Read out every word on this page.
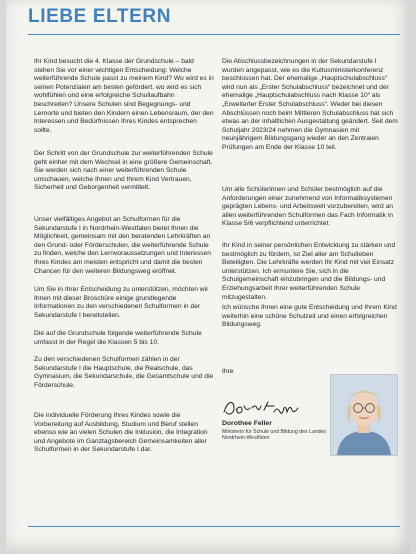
LIEBE ELTERN

Ihr Kind besucht die 4. Klasse der Grundschule – bald stehen Sie vor einer wichtigen Entscheidung: Welche weiterführende Schule passt zu meinem Kind? Wo wird es in seinen Potenzialen am besten gefördert, wo wird es sich wohlfühlen und eine erfolgreiche Schullaufbahn beschreiten? Unsere Schulen sind Begegnungs- und Lernorte und bieten den Kindern einen Lebensraum, der den Interessen und Bedürfnissen Ihres Kindes entsprechen sollte.

Der Schritt von der Grundschule zur weiterführenden Schule geht einher mit dem Wechsel in eine größere Gemeinschaft. Sie werden sich nach einer weiterführenden Schule umschauen, welche Ihnen und Ihrem Kind Vertrauen, Sicherheit und Geborgenheit vermittelt.

Unser vielfältiges Angebot an Schulformen für die Sekundarstufe I in Nordrhein-Westfalen bietet Ihnen die Möglichkeit, gemeinsam mit den beratenden Lehrkräften an den Grund- oder Förderschulen, die weiterführende Schule zu finden, welche den Lernvoraussetzungen und Interessen Ihres Kindes am meisten entspricht und damit die besten Chancen für den weiteren Bildungsweg eröffnet.

Um Sie in Ihrer Entscheidung zu unterstützen, möchten wir Ihnen mit dieser Broschüre einige grundlegende Informationen zu den verschiedenen Schulformen in der Sekundarstufe I bereitstellen.

Die auf die Grundschule folgende weiterführende Schule umfasst in der Regel die Klassen 5 bis 10.

Zu den verschiedenen Schulformen zählen in der Sekundarstufe I die Hauptschule, die Realschule, das Gymnasium, die Sekundarschule, die Gesamtschule und die Förderschule.

Die individuelle Förderung Ihres Kindes sowie die Vorbereitung auf Ausbildung, Studium und Beruf stellen ebenso wie an vielen Schulen die Inklusion, die Integration und Angebote im Ganztagsbereich Gemeinsamkeiten aller Schulformen in der Sekundarstufe I dar.

Die Abschlussbezeichnungen in der Sekundarstufe I wurden angepasst, wie es die Kultusministerkonferenz beschlossen hat. Der ehemalige „Hauptschulabschluss“ wird nun als „Erster Schulabschluss“ bezeichnet und der ehemalige „Hauptschulabschluss nach Klasse 10“ als „Erweiterter Erster Schulabschluss“. Weder bei diesen Abschlüssen noch beim Mittleren Schulabschluss hat sich etwas an der inhaltlichen Ausgestaltung geändert. Seit dem Schuljahr 2023/24 nehmen die Gymnasien mit neunjährigem Bildungsgang wieder an den Zentralen Prüfungen am Ende der Klasse 10 teil.

Um alle Schülerinnen und Schüler bestmöglich auf die Anforderungen einer zunehmend von Informatiksystemen geprägten Lebens- und Arbeitswelt vorzubereiten, wird an allen weiterführenden Schulformen das Fach Informatik in Klasse 5/6 verpflichtend unterrichtet.

Ihr Kind in seiner persönlichen Entwicklung zu stärken und bestmöglich zu fördern, ist Ziel aller am Schulleben Beteiligten. Die Lehrkräfte werden Ihr Kind mit viel Einsatz unterstützen. Ich ermuntere Sie, sich in die Schulgemeinschaft einzubringen und die Bildungs- und Erziehungsarbeit Ihrer weiterführenden Schule mitzugestalten.

Ich wünsche Ihnen eine gute Entscheidung und Ihrem Kind weiterhin eine schöne Schulzeit und einen erfolgreichen Bildungsweg.

Ihre
Dorothee Feller
Ministerin für Schule und Bildung des Landes Nordrhein-Westfalen
